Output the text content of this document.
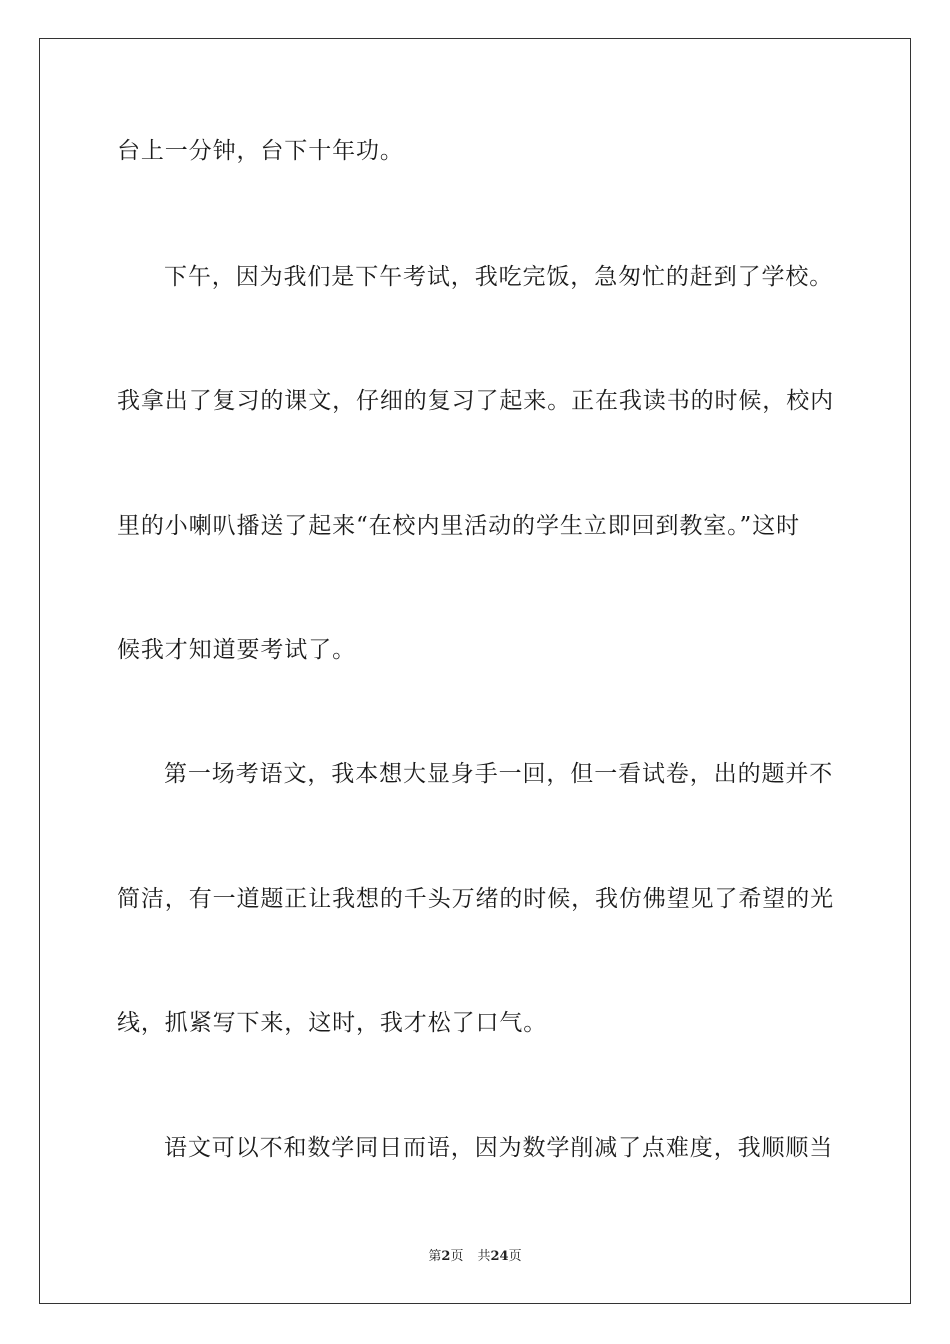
台上一分钟，台下十年功。
下午，因为我们是下午考试，我吃完饭，急匆忙的赶到了学校。
我拿出了复习的课文，仔细的复习了起来。正在我读书的时候，校内
里的小喇叭播送了起来“在校内里活动的学生立即回到教室。”这时
候我才知道要考试了。
第一场考语文，我本想大显身手一回，但一看试卷，出的题并不
简洁，有一道题正让我想的千头万绪的时候，我仿佛望见了希望的光
线，抓紧写下来，这时，我才松了口气。
语文可以不和数学同日而语，因为数学削减了点难度，我顺顺当
第2页 共24页
